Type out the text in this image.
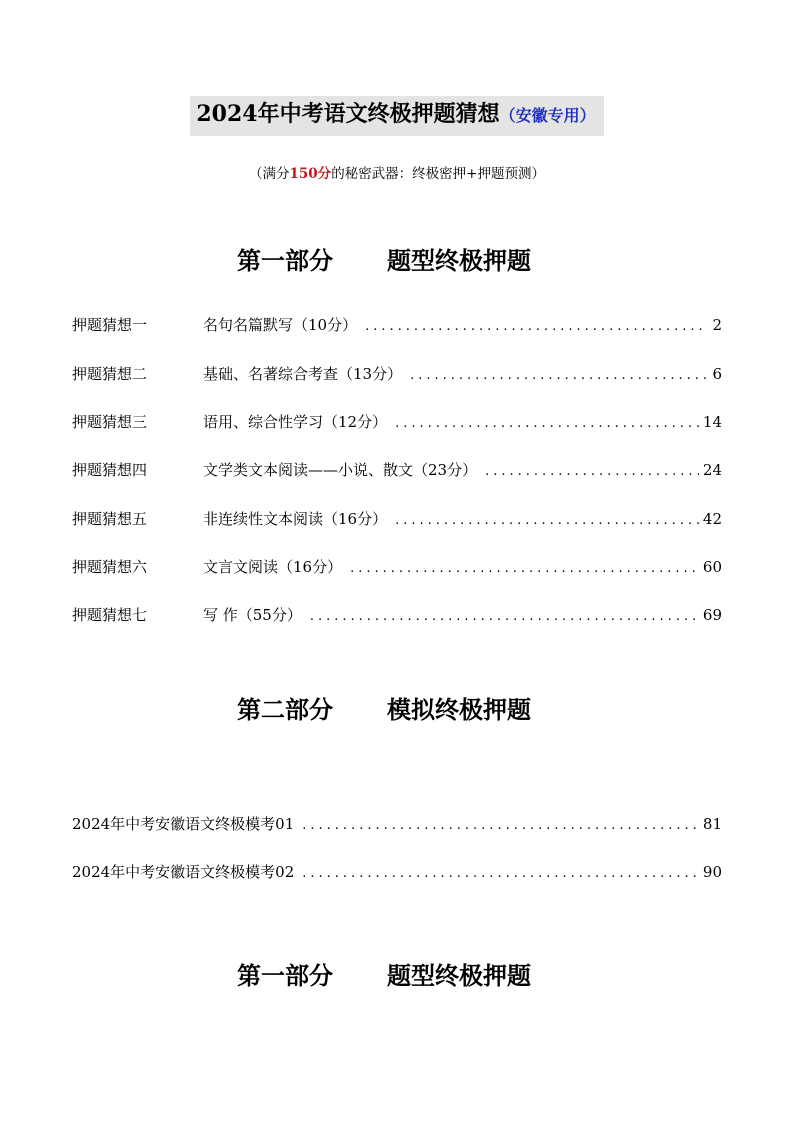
2024年中考语文终极押题猜想（安徽专用）
（满分150分的秘密武器：终极密押+押题预测）
第一部分 题型终极押题
押题猜想一	名句名篇默写（10分） .....	2
押题猜想二	基础、名著综合考查（13分） .....	6
押题猜想三	语用、综合性学习（12分） .....	14
押题猜想四	文学类文本阅读——小说、散文（23分） .....	24
押题猜想五	非连续性文本阅读（16分） .....	42
押题猜想六	文言文阅读（16分） .....	60
押题猜想七	写 作（55分） .....	69
第二部分 模拟终极押题
2024年中考安徽语文终极模考01 .....	81
2024年中考安徽语文终极模考02 .....	90
第一部分 题型终极押题
